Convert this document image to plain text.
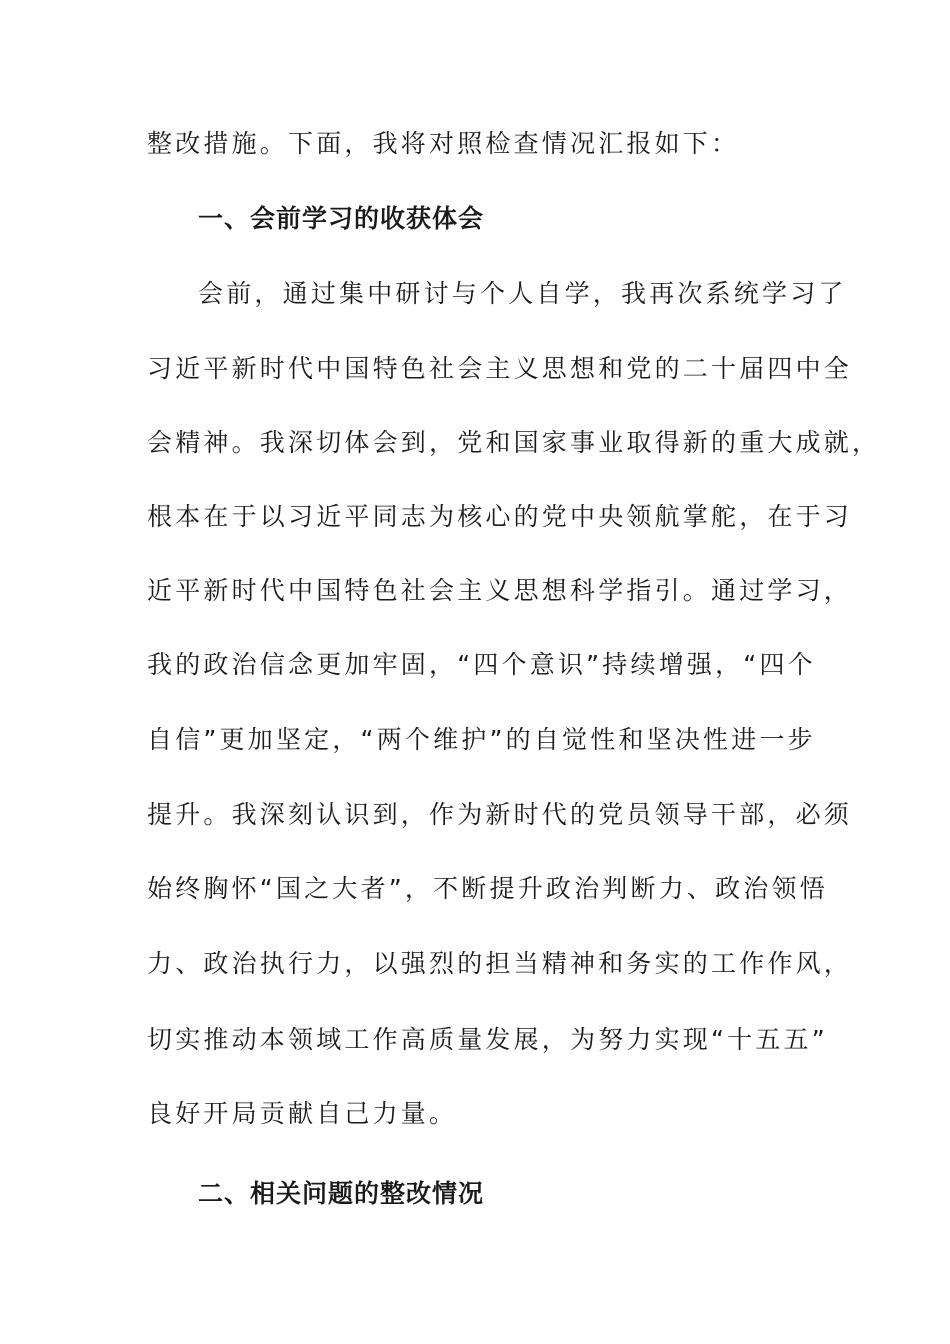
整改措施。下面，我将对照检查情况汇报如下：
一、会前学习的收获体会
会前，通过集中研讨与个人自学，我再次系统学习了
习近平新时代中国特色社会主义思想和党的二十届四中全
会精神。我深切体会到，党和国家事业取得新的重大成就，
根本在于以习近平同志为核心的党中央领航掌舵，在于习
近平新时代中国特色社会主义思想科学指引。通过学习，
我的政治信念更加牢固，“四个意识”持续增强，“四个
自信”更加坚定，“两个维护”的自觉性和坚决性进一步
提升。我深刻认识到，作为新时代的党员领导干部，必须
始终胸怀“国之大者”，不断提升政治判断力、政治领悟
力、政治执行力，以强烈的担当精神和务实的工作作风，
切实推动本领域工作高质量发展，为努力实现“十五五”
良好开局贡献自己力量。
二、相关问题的整改情况
